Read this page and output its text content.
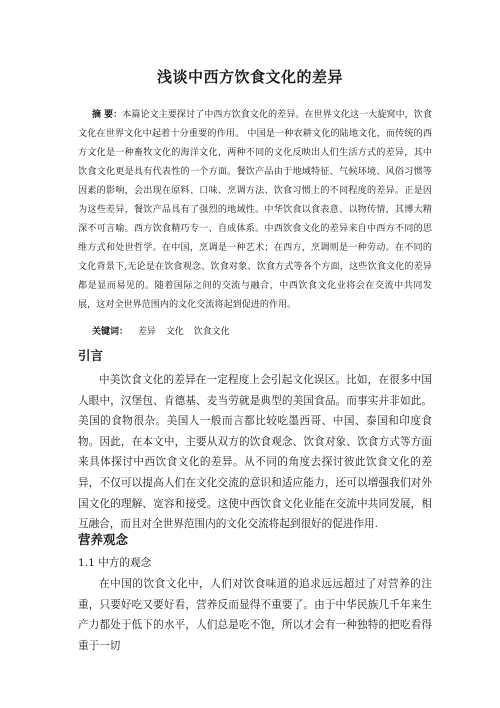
浅谈中西方饮食文化的差异
摘 要：本篇论文主要探讨了中西方饮食文化的差异。在世界文化这一大旋窝中，饮食文化在世界文化中起着十分重要的作用。 中国是一种农耕文化的陆地文化，而传统的西方文化是一种畜牧文化的海洋文化，两种不同的文化反映出人们生活方式的差异，其中饮食文化更是具有代表性的一个方面。餐饮产品由于地域特征、气候环境、风俗习惯等因素的影响，会出现在原料、口味、烹调方法、饮食习惯上的不同程度的差异。正是因为这些差异，餐饮产品具有了强烈的地域性。中华饮食以食表意、以物传情，其博大精深不可言喻。西方饮食精巧专一、自成体系。中西饮食文化的差异来自中西方不同的思维方式和处世哲学。在中国，烹调是一种艺术；在西方，烹调则是一种劳动。在不同的文化背景下,无论是在饮食观念、饮食对象、饮食方式等各个方面，这些饮食文化的差异都是显而易见的。随着国际之间的交流与融合，中西饮食文化业将会在交流中共同发展，这对全世界范围内的文化交流将起到促进的作用。
关键词： 差异 文化 饮食文化
引言
中美饮食文化的差异在一定程度上会引起文化误区。比如，在很多中国人眼中，汉堡包、肯德基、麦当劳就是典型的美国食品。而事实并非如此。美国的食物很杂。美国人一般而言都比较吃墨西哥、中国、泰国和印度食物。因此，在本文中，主要从双方的饮食观念、饮食对象、饮食方式等方面来具体探讨中西饮食文化的差异。从不同的角度去探讨彼此饮食文化的差异，不仅可以提高人们在文化交流的意识和适应能力，还可以增强我们对外国文化的理解、宽容和接受。这使中西饮食文化业能在交流中共同发展，相互融合，而且对全世界范围内的文化交流将起到很好的促进作用.
营养观念
1.1 中方的观念
在中国的饮食文化中，人们对饮食味道的追求远远超过了对营养的注重，只要好吃又要好看，营养反而显得不重要了。由于中华民族几千年来生产力都处于低下的水平，人们总是吃不饱，所以才会有一种独特的把吃看得重于一切
